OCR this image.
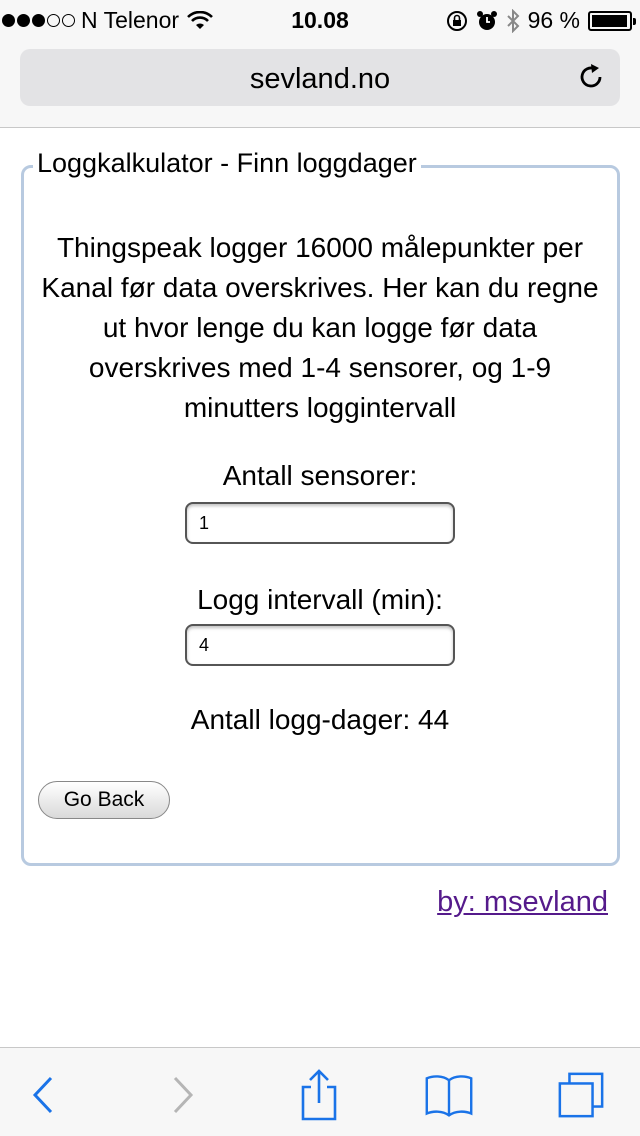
N Telenor	10.08	96 %
sevland.no
Loggkalkulator - Finn loggdager
Thingspeak logger 16000 målepunkter per Kanal før data overskrives. Her kan du regne ut hvor lenge du kan logge før data overskrives med 1-4 sensorer, og 1-9 minutters loggintervall
Antall sensorer:
1
Logg intervall (min):
4
Antall logg-dager: 44
Go Back
by: msevland
